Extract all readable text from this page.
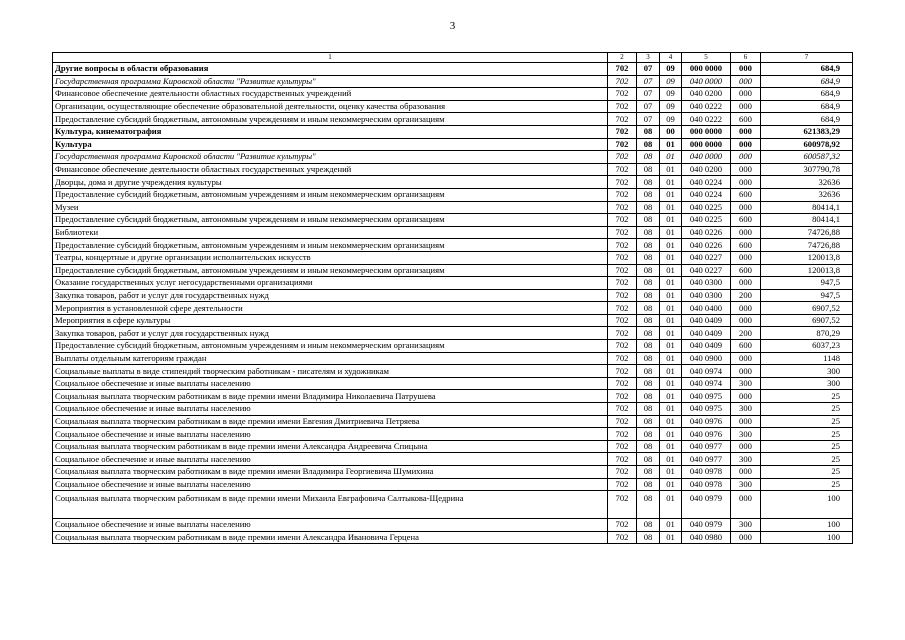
3
1	2	3	4	5	6	7
Другие вопросы в области образования	702	07	09	000 0000	000	684,9
Государственная программа Кировской области "Развитие культуры"	702	07	09	040 0000	000	684,9
Финансовое обеспечение деятельности областных государственных учреждений	702	07	09	040 0200	000	684,9
Организации, осуществляющие обеспечение образовательной деятельности, оценку качества образования	702	07	09	040 0222	000	684,9
Предоставление субсидий бюджетным, автономным учреждениям и иным некоммерческим организациям	702	07	09	040 0222	600	684,9
Культура, кинематография	702	08	00	000 0000	000	621383,29
Культура	702	08	01	000 0000	000	600978,92
Государственная программа Кировской области "Развитие культуры"	702	08	01	040 0000	000	600587,32
Финансовое обеспечение деятельности областных государственных учреждений	702	08	01	040 0200	000	307790,78
Дворцы, дома и другие учреждения культуры	702	08	01	040 0224	000	32636
Предоставление субсидий бюджетным, автономным учреждениям и иным некоммерческим организациям	702	08	01	040 0224	600	32636
Музеи	702	08	01	040 0225	000	80414,1
Предоставление субсидий бюджетным, автономным учреждениям и иным некоммерческим организациям	702	08	01	040 0225	600	80414,1
Библиотеки	702	08	01	040 0226	000	74726,88
Предоставление субсидий бюджетным, автономным учреждениям и иным некоммерческим организациям	702	08	01	040 0226	600	74726,88
Театры, концертные и другие организации исполнительских искусств	702	08	01	040 0227	000	120013,8
Предоставление субсидий бюджетным, автономным учреждениям и иным некоммерческим организациям	702	08	01	040 0227	600	120013,8
Оказание государственных услуг негосударственными организациями	702	08	01	040 0300	000	947,5
Закупка товаров, работ и услуг для государственных нужд	702	08	01	040 0300	200	947,5
Мероприятия в установленной сфере деятельности	702	08	01	040 0400	000	6907,52
Мероприятия в сфере культуры	702	08	01	040 0409	000	6907,52
Закупка товаров, работ и услуг для государственных нужд	702	08	01	040 0409	200	870,29
Предоставление субсидий бюджетным, автономным учреждениям и иным некоммерческим организациям	702	08	01	040 0409	600	6037,23
Выплаты отдельным категориям граждан	702	08	01	040 0900	000	1148
Социальные выплаты в виде стипендий творческим работникам - писателям и художникам	702	08	01	040 0974	000	300
Социальное обеспечение и иные выплаты населению	702	08	01	040 0974	300	300
Социальная выплата творческим работникам в виде премии имени Владимира Николаевича Патрушева	702	08	01	040 0975	000	25
Социальное обеспечение и иные выплаты населению	702	08	01	040 0975	300	25
Социальная выплата творческим работникам в виде премии имени Евгения Дмитриевича Петряева	702	08	01	040 0976	000	25
Социальное обеспечение и иные выплаты населению	702	08	01	040 0976	300	25
Социальная выплата творческим работникам в виде премии имени Александра Андреевича Спицына	702	08	01	040 0977	000	25
Социальное обеспечение и иные выплаты населению	702	08	01	040 0977	300	25
Социальная выплата творческим работникам в виде премии имени Владимира Георгиевича Шумихина	702	08	01	040 0978	000	25
Социальное обеспечение и иные выплаты населению	702	08	01	040 0978	300	25
Социальная выплата творческим работникам в виде премии имени Михаила Евграфовича Салтыкова-Щедрина	702	08	01	040 0979	000	100
Социальное обеспечение и иные выплаты населению	702	08	01	040 0979	300	100
Социальная выплата творческим работникам в виде премии имени Александра Ивановича Герцена	702	08	01	040 0980	000	100
